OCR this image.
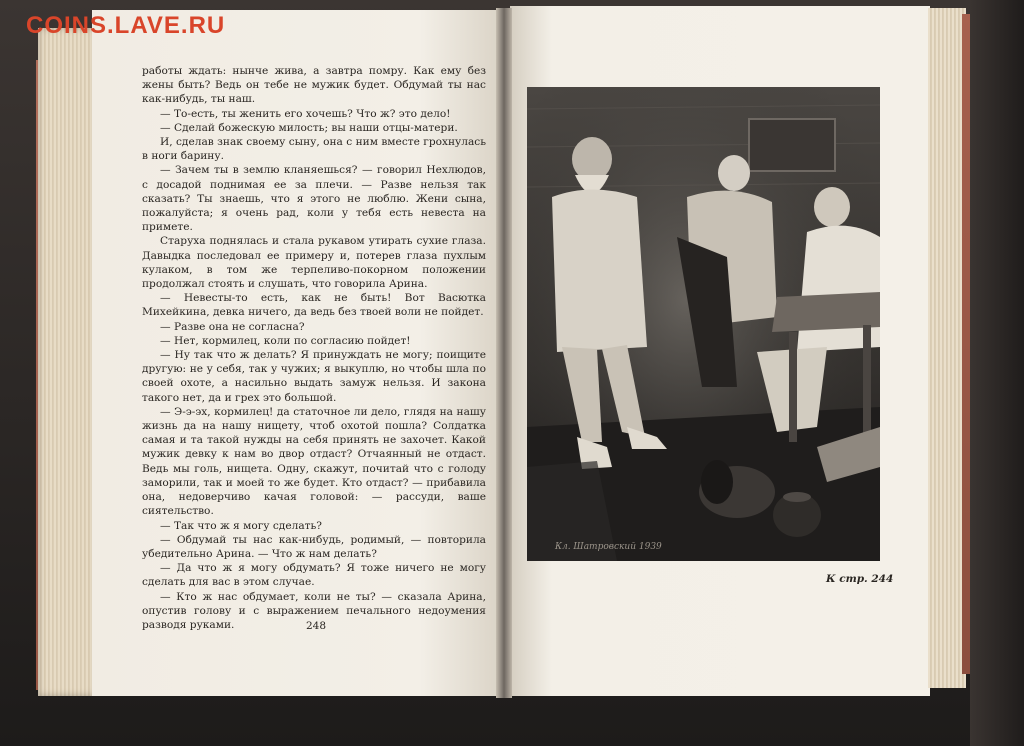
COINS.LAVE.RU

работы ждать: нынче жива, а завтра помру. Как ему без жены быть? Ведь он тебе не мужик будет. Обдумай ты нас как-нибудь, ты наш.

— То-есть, ты женить его хочешь? Что ж? это дело!

— Сделай божескую милость; вы наши отцы-матери.

И, сделав знак своему сыну, она с ним вместе грохнулась в ноги барину.

— Зачем ты в землю кланяешься? — говорил Нехлюдов, с досадой поднимая ее за плечи. — Разве нельзя так сказать? Ты знаешь, что я этого не люблю. Жени сына, пожалуйста; я очень рад, коли у тебя есть невеста на примете.

Старуха поднялась и стала рукавом утирать сухие глаза. Давыдка последовал ее примеру и, потерев глаза пухлым кулаком, в том же терпеливо-покорном положении продолжал стоять и слушать, что говорила Арина.

— Невесты-то есть, как не быть! Вот Васютка Михейкина, девка ничего, да ведь без твоей воли не пойдет.

— Разве она не согласна?

— Нет, кормилец, коли по согласию пойдет!

— Ну так что ж делать? Я принуждать не могу; поищите другую: не у себя, так у чужих; я выкуплю, но чтобы шла по своей охоте, а насильно выдать замуж нельзя. И закона такого нет, да и грех это большой.

— Э-э-эх, кормилец! да статочное ли дело, глядя на нашу жизнь да на нашу нищету, чтоб охотой пошла? Солдатка самая и та такой нужды на себя принять не захочет. Какой мужик девку к нам во двор отдаст? Отчаянный не отдаст. Ведь мы голь, нищета. Одну, скажут, почитай что с голоду заморили, так и моей то же будет. Кто отдаст? — прибавила она, недоверчиво качая головой: — рассуди, ваше сиятельство.

— Так что ж я могу сделать?

— Обдумай ты нас как-нибудь, родимый, — повторила убедительно Арина. — Что ж нам делать?

— Да что ж я могу обдумать? Я тоже ничего не могу сделать для вас в этом случае.

— Кто ж нас обдумает, коли не ты? — сказала Арина, опустив голову и с выражением печального недоумения разводя руками.	248
Кл. Шатровский 1939
К стр. 244
